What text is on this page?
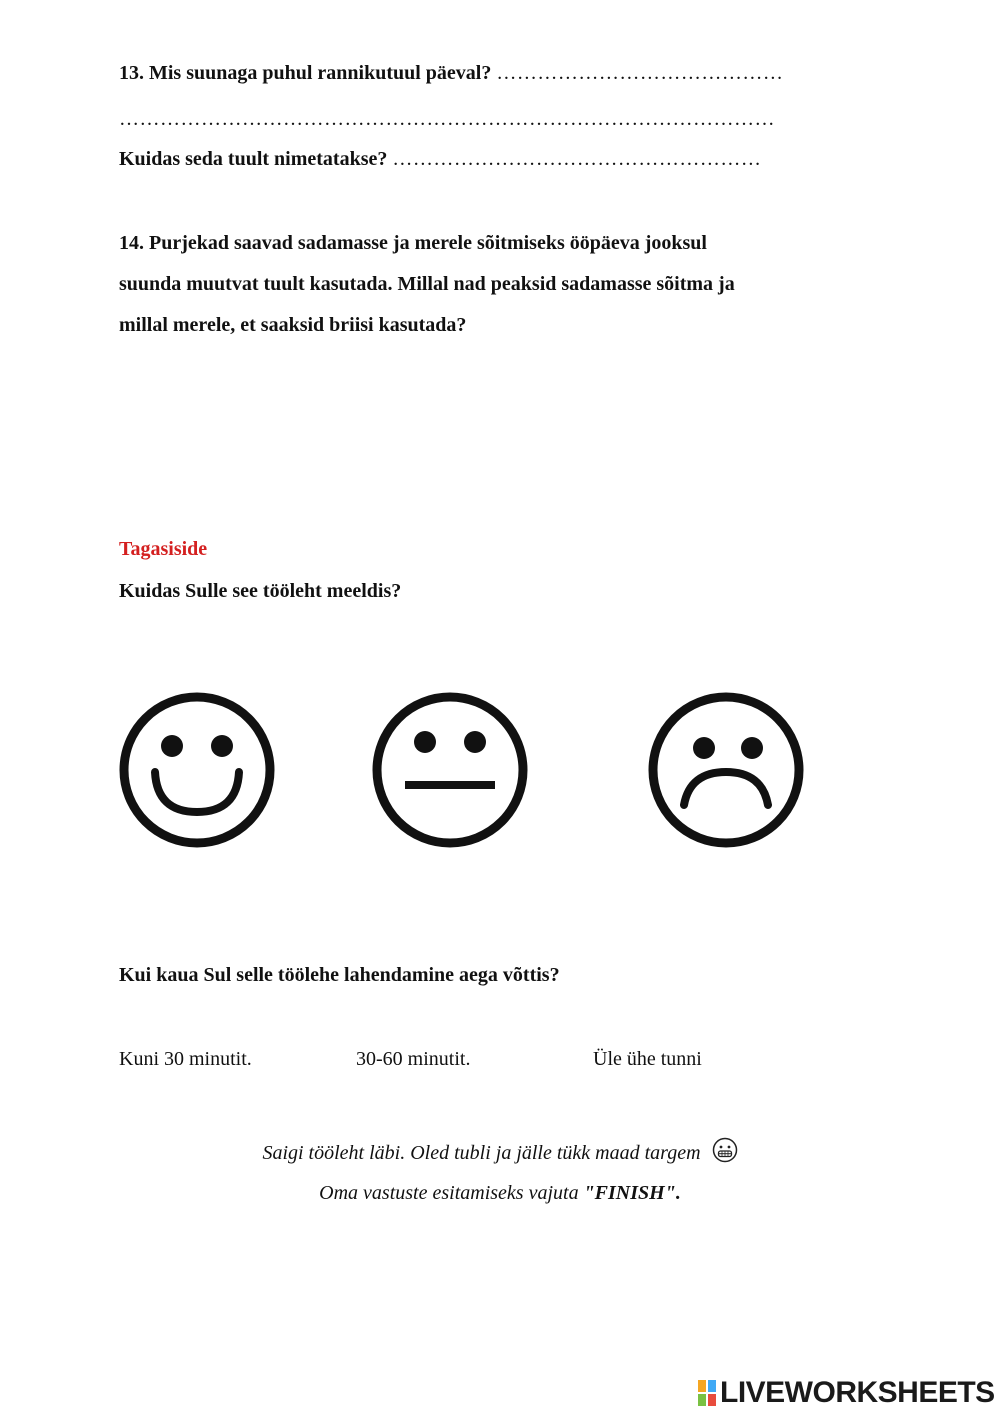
13. Mis suunaga puhul rannikutuul päeval? ……………………………………
……………………………………………………………………………………
Kuidas seda tuult nimetatakse? ………………………………………………
14. Purjekad saavad sadamasse ja merele sõitmiseks ööpäeva jooksul
suunda muutvat tuult kasutada. Millal nad peaksid sadamasse sõitma ja
millal merele, et saaksid briisi kasutada?
Tagasiside
Kuidas Sulle see tööleht meeldis?
Kui kaua Sul selle töölehe lahendamine aega võttis?
Kuni 30 minutit.	30-60 minutit.	Üle ühe tunni
Saigi tööleht läbi. Oled tubli ja jälle tükk maad targem
Oma vastuste esitamiseks vajuta "FINISH".
LIVEWORKSHEETS
